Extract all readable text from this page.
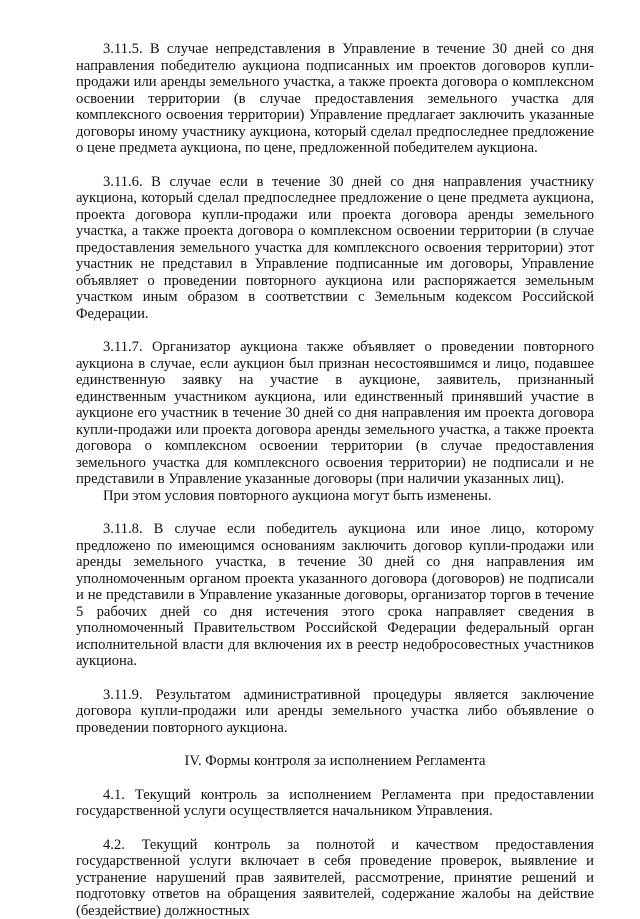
3.11.5. В случае непредставления в Управление в течение 30 дней со дня направления победителю аукциона подписанных им проектов договоров купли-продажи или аренды земельного участка, а также проекта договора о комплексном освоении территории (в случае предоставления земельного участка для комплексного освоения территории) Управление предлагает заключить указанные договоры иному участнику аукциона, который сделал предпоследнее предложение о цене предмета аукциона, по цене, предложенной победителем аукциона.

3.11.6. В случае если в течение 30 дней со дня направления участнику аукциона, который сделал предпоследнее предложение о цене предмета аукциона, проекта договора купли-продажи или проекта договора аренды земельного участка, а также проекта договора о комплексном освоении территории (в случае предоставления земельного участка для комплексного освоения территории) этот участник не представил в Управление подписанные им договоры, Управление объявляет о проведении повторного аукциона или распоряжается земельным участком иным образом в соответствии с Земельным кодексом Российской Федерации.

3.11.7. Организатор аукциона также объявляет о проведении повторного аукциона в случае, если аукцион был признан несостоявшимся и лицо, подавшее единственную заявку на участие в аукционе, заявитель, признанный единственным участником аукциона, или единственный принявший участие в аукционе его участник в течение 30 дней со дня направления им проекта договора купли-продажи или проекта договора аренды земельного участка, а также проекта договора о комплексном освоении территории (в случае предоставления земельного участка для комплексного освоения территории) не подписали и не представили в Управление указанные договоры (при наличии указанных лиц).

При этом условия повторного аукциона могут быть изменены.

3.11.8. В случае если победитель аукциона или иное лицо, которому предложено по имеющимся основаниям заключить договор купли-продажи или аренды земельного участка, в течение 30 дней со дня направления им уполномоченным органом проекта указанного договора (договоров) не подписали и не представили в Управление указанные договоры, организатор торгов в течение 5 рабочих дней со дня истечения этого срока направляет сведения в уполномоченный Правительством Российской Федерации федеральный орган исполнительной власти для включения их в реестр недобросовестных участников аукциона.

3.11.9. Результатом административной процедуры является заключение договора купли-продажи или аренды земельного участка либо объявление о проведении повторного аукциона.

IV. Формы контроля за исполнением Регламента

4.1. Текущий контроль за исполнением Регламента при предоставлении государственной услуги осуществляется начальником Управления.

4.2. Текущий контроль за полнотой и качеством предоставления государственной услуги включает в себя проведение проверок, выявление и устранение нарушений прав заявителей, рассмотрение, принятие решений и подготовку ответов на обращения заявителей, содержание жалобы на действие (бездействие) должностных
